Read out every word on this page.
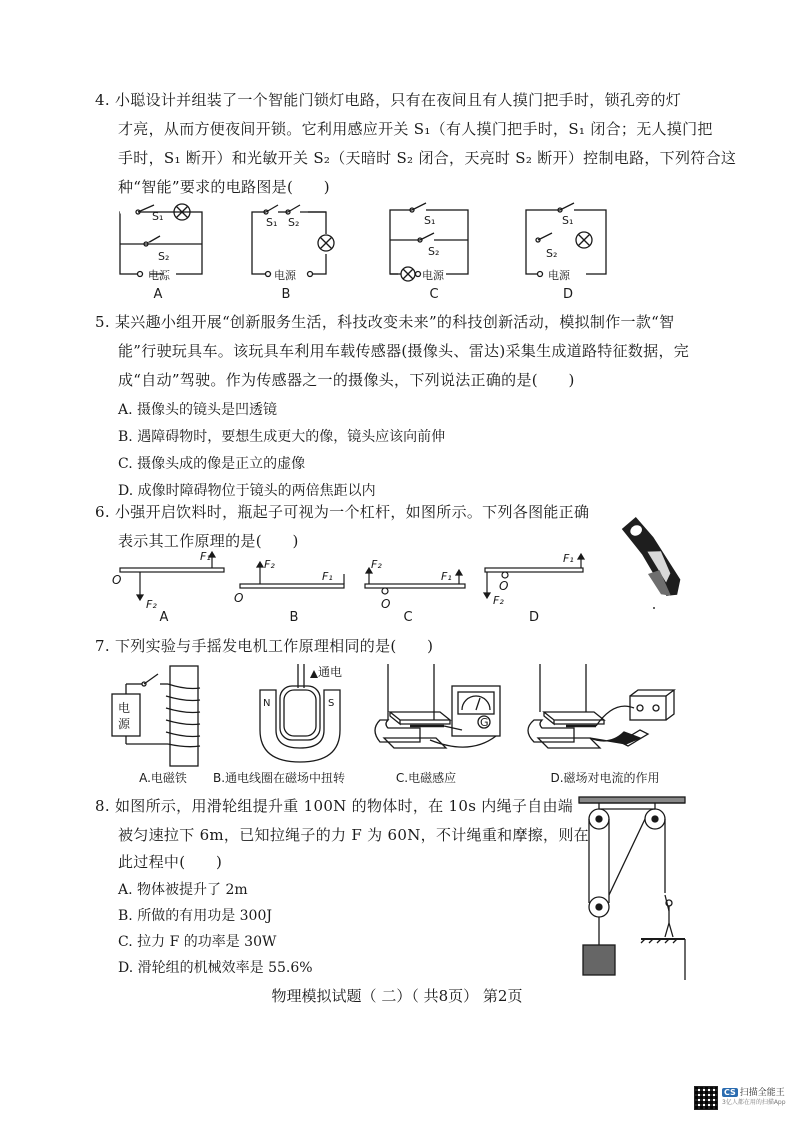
4. 小聪设计并组装了一个智能门锁灯电路，只有在夜间且有人摸门把手时，锁孔旁的灯
才亮，从而方便夜间开锁。它利用感应开关 S₁（有人摸门把手时，S₁ 闭合；无人摸门把
手时，S₁ 断开）和光敏开关 S₂（天暗时 S₂ 闭合，天亮时 S₂ 断开）控制电路，下列符合这
种“智能”要求的电路图是(　　)
S₁
S₂
电源
S₁ S₂
电源
S₁
S₂
电源
S₁
S₂
电源
A	B	C	D
5. 某兴趣小组开展“创新服务生活，科技改变未来”的科技创新活动，模拟制作一款“智
能”行驶玩具车。该玩具车利用车载传感器(摄像头、雷达)采集生成道路特征数据，完
成“自动”驾驶。作为传感器之一的摄像头，下列说法正确的是(　　)
A. 摄像头的镜头是凹透镜
B. 遇障碍物时，要想生成更大的像，镜头应该向前伸
C. 摄像头成的像是正立的虚像
D. 成像时障碍物位于镜头的两倍焦距以内
6. 小强开启饮料时，瓶起子可视为一个杠杆，如图所示。下列各图能正确
表示其工作原理的是(　　)
O
F₁
F₂	O
F₂
F₁
F₂
F₁
O
F₁
O
F₂
A	B	C	D
7. 下列实验与手摇发电机工作原理相同的是(　　)
电
源
通电
N	S
G
A.电磁铁	B.通电线圈在磁场中扭转	C.电磁感应	D.磁场对电流的作用
8. 如图所示，用滑轮组提升重 100N 的物体时，在 10s 内绳子自由端
被匀速拉下 6m，已知拉绳子的力 F 为 60N，不计绳重和摩擦，则在
此过程中(　　)
A. 物体被提升了 2m
B. 所做的有用功是 300J
C. 拉力 F 的功率是 30W
D. 滑轮组的机械效率是 55.6%
物理模拟试题（ 二）（ 共8页） 第2页
CS 扫描全能王
3亿人都在用的扫描App
